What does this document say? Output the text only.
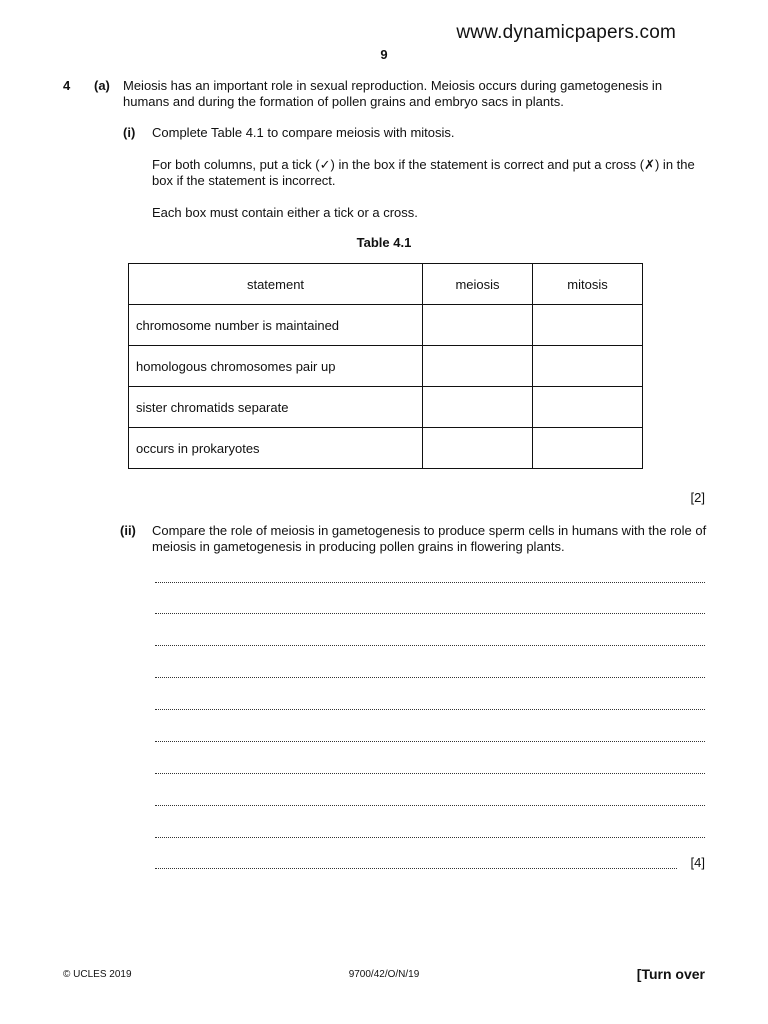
www.dynamicpapers.com
9
4 (a) Meiosis has an important role in sexual reproduction. Meiosis occurs during gametogenesis in humans and during the formation of pollen grains and embryo sacs in plants.
(i) Complete Table 4.1 to compare meiosis with mitosis.
For both columns, put a tick (✓) in the box if the statement is correct and put a cross (✗) in the box if the statement is incorrect.
Each box must contain either a tick or a cross.
Table 4.1
statement	meiosis	mitosis
chromosome number is maintained		
homologous chromosomes pair up		
sister chromatids separate		
occurs in prokaryotes		
[2]
(ii) Compare the role of meiosis in gametogenesis to produce sperm cells in humans with the role of meiosis in gametogenesis in producing pollen grains in flowering plants.
[4]
© UCLES 2019	9700/42/O/N/19	[Turn over
